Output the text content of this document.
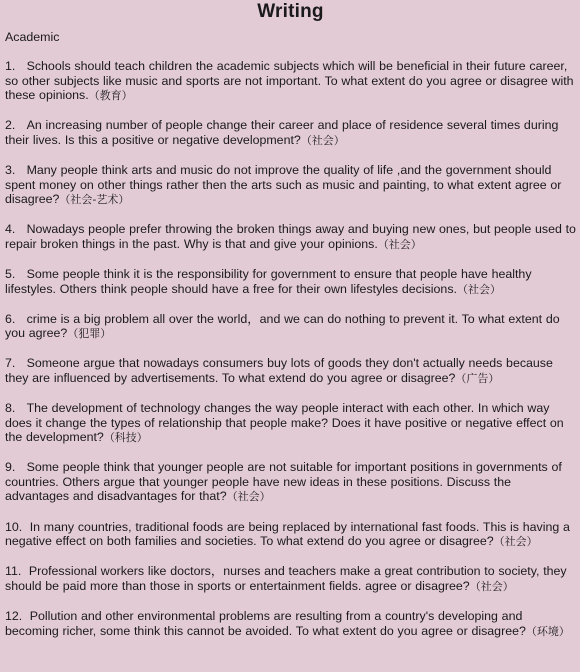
Writing
Academic
1. Schools should teach children the academic subjects which will be beneficial in their future career, so other subjects like music and sports are not important. To what extent do you agree or disagree with these opinions.（教育）
2. An increasing number of people change their career and place of residence several times during their lives. Is this a positive or negative development?（社会）
3. Many people think arts and music do not improve the quality of life ,and the government should spent money on other things rather then the arts such as music and painting, to what extent agree or disagree?（社会-艺术）
4. Nowadays people prefer throwing the broken things away and buying new ones, but people used to repair broken things in the past. Why is that and give your opinions.（社会）
5. Some people think it is the responsibility for government to ensure that people have healthy lifestyles. Others think people should have a free for their own lifestyles decisions.（社会）
6. crime is a big problem all over the world，and we can do nothing to prevent it. To what extent do you agree?（犯罪）
7. Someone argue that nowadays consumers buy lots of goods they don't actually needs because they are influenced by advertisements. To what extend do you agree or disagree?（广告）
8. The development of technology changes the way people interact with each other. In which way does it change the types of relationship that people make? Does it have positive or negative effect on the development?（科技）
9. Some people think that younger people are not suitable for important positions in governments of countries. Others argue that younger people have new ideas in these positions. Discuss the advantages and disadvantages for that?（社会）
10. In many countries, traditional foods are being replaced by international fast foods. This is having a negative effect on both families and societies. To what extend do you agree or disagree?（社会）
11. Professional workers like doctors，nurses and teachers make a great contribution to society, they should be paid more than those in sports or entertainment fields. agree or disagree?（社会）
12. Pollution and other environmental problems are resulting from a country's developing and becoming richer, some think this cannot be avoided. To what extent do you agree or disagree?（环境）
